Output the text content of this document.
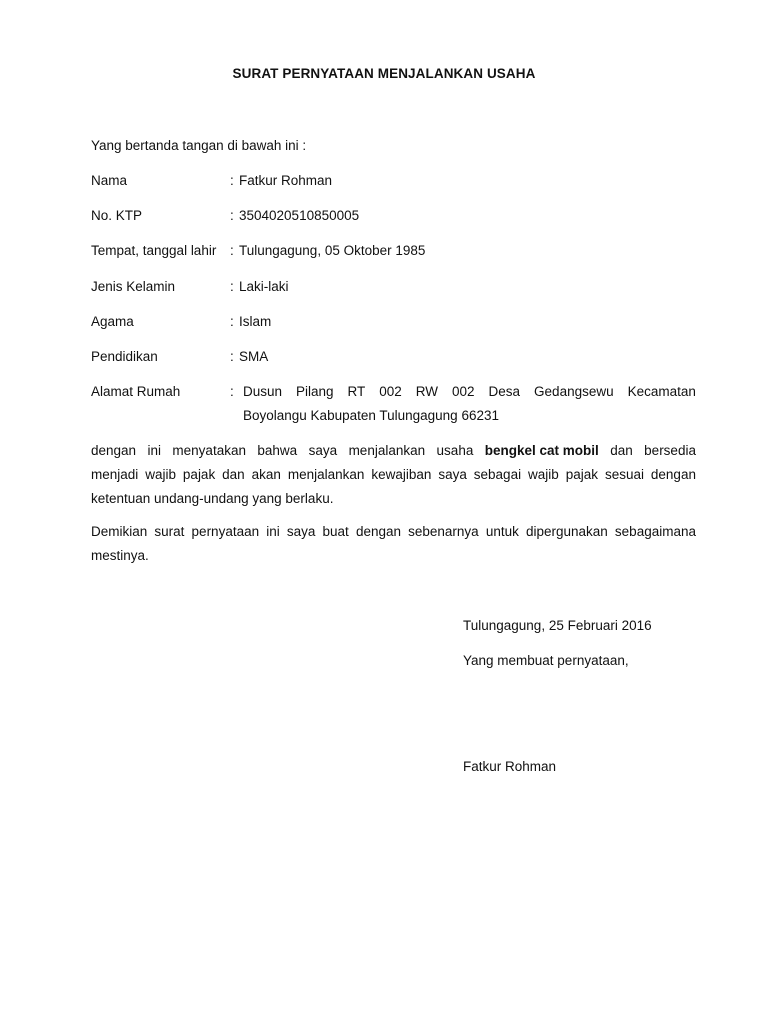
SURAT PERNYATAAN MENJALANKAN USAHA
Yang bertanda tangan di bawah ini :
Nama	: Fatkur Rohman
No. KTP	: 3504020510850005
Tempat, tanggal lahir : Tulungagung, 05 Oktober 1985
Jenis Kelamin	: Laki-laki
Agama	: Islam
Pendidikan	: SMA
Alamat Rumah	: Dusun Pilang RT 002 RW 002 Desa Gedangsewu Kecamatan
Boyolangu Kabupaten Tulungagung 66231
dengan ini menyatakan bahwa saya menjalankan usaha bengkel cat mobil dan bersedia
menjadi wajib pajak dan akan menjalankan kewajiban saya sebagai wajib pajak sesuai dengan
ketentuan undang-undang yang berlaku.
Demikian surat pernyataan ini saya buat dengan sebenarnya untuk dipergunakan sebagaimana
mestinya.
Tulungagung, 25 Februari 2016
Yang membuat pernyataan,
Fatkur Rohman
